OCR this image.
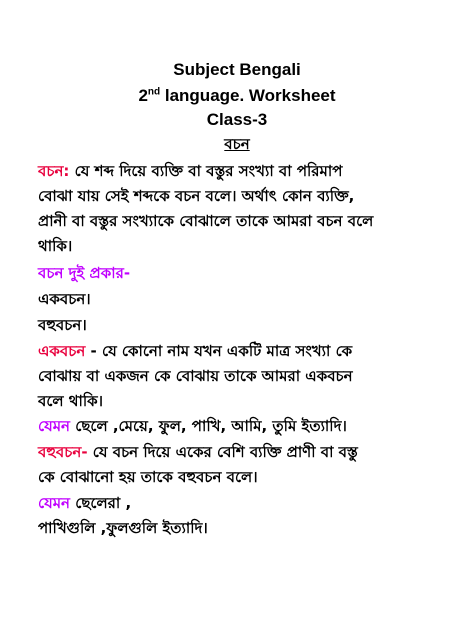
Subject Bengali
2nd language. Worksheet
Class-3
বচন
বচন: যে শব্দ দিয়ে ব্যক্তি বা বস্তুর সংখ্যা বা পরিমাপ
বোঝা যায় সেই শব্দকে বচন বলে। অর্থাৎ কোন ব্যক্তি,
প্রানী বা বস্তুর সংখ্যাকে বোঝালে তাকে আমরা বচন বলে
থাকি।
বচন দুই প্রকার-
একবচন।
বহুবচন।
একবচন - যে কোনো নাম যখন একটি মাত্র সংখ্যা কে
বোঝায় বা একজন কে বোঝায় তাকে আমরা একবচন
বলে থাকি।
যেমন ছেলে ,মেয়ে, ফুল, পাখি, আমি, তুমি ইত্যাদি।
বহুবচন- যে বচন দিয়ে একের বেশি ব্যক্তি প্রাণী বা বস্তু
কে বোঝানো হয় তাকে বহুবচন বলে।
যেমন ছেলেরা ,
পাখিগুলি ,ফুলগুলি ইত্যাদি।
